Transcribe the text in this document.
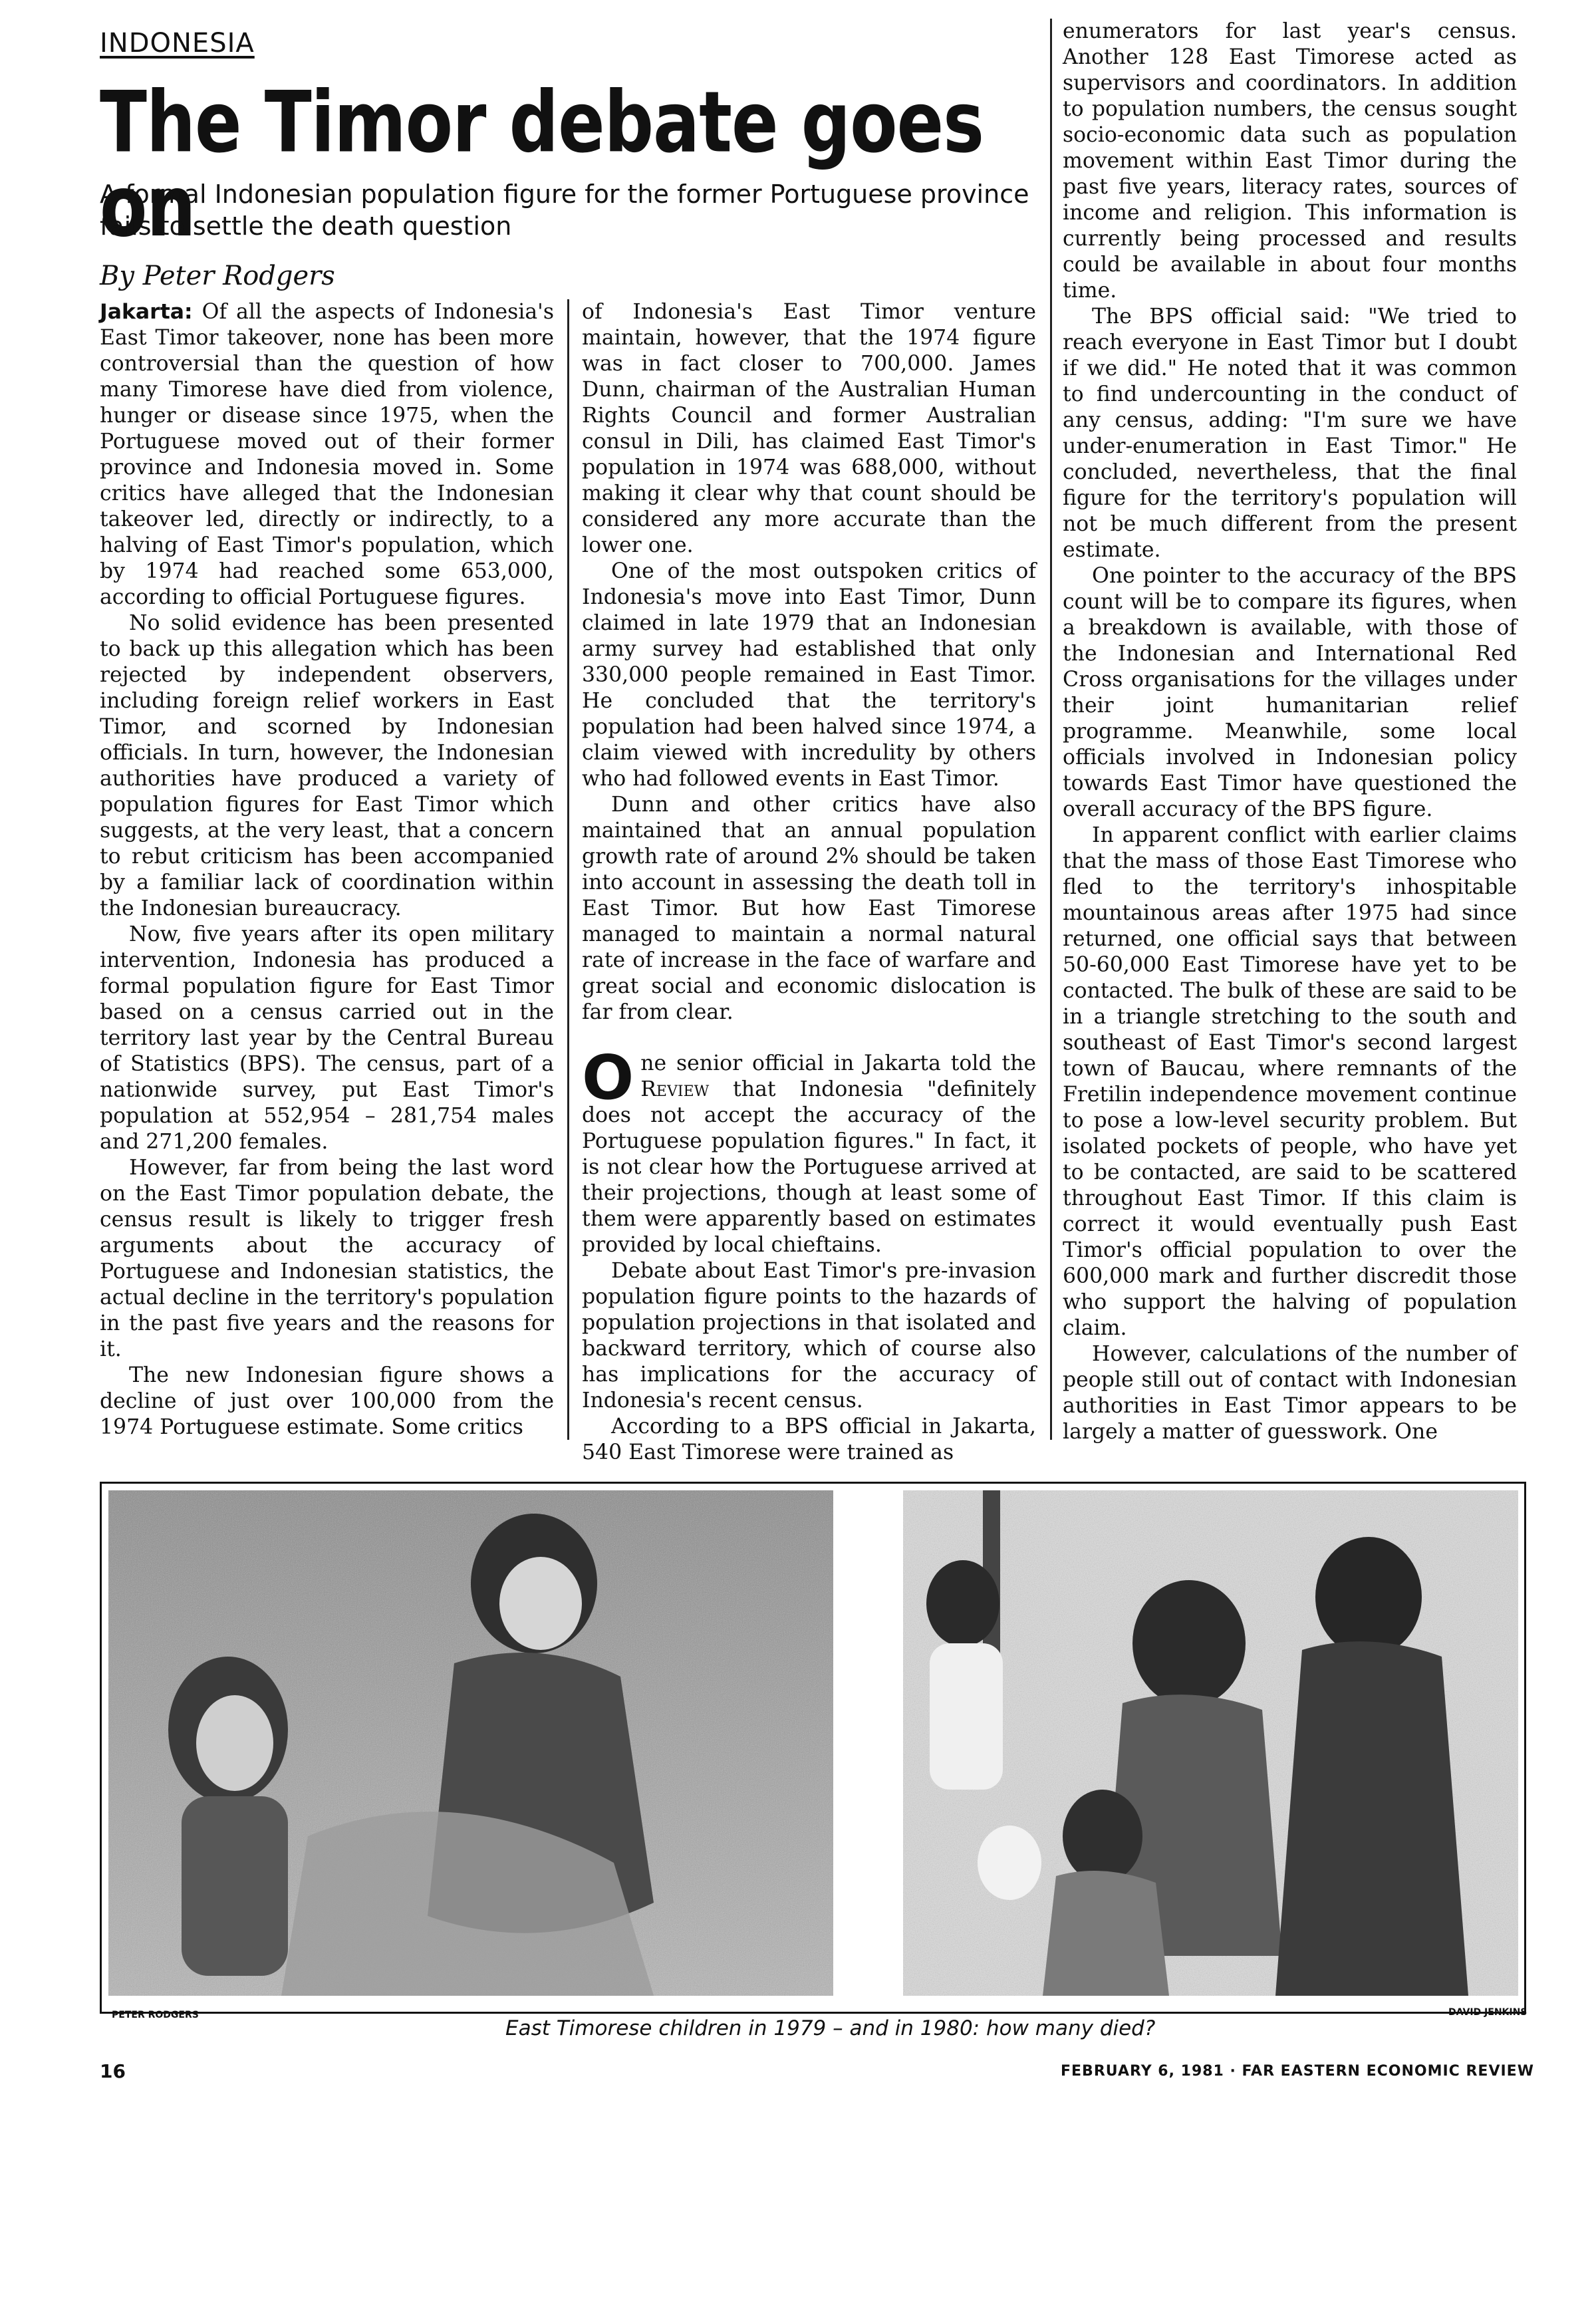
INDONESIA
The Timor debate goes on
A formal Indonesian population figure for the former Portuguese province fails to settle the death question
By Peter Rodgers

Jakarta: Of all the aspects of Indonesia's East Timor takeover, none has been more controversial than the question of how many Timorese have died from violence, hunger or disease since 1975, when the Portuguese moved out of their former province and Indonesia moved in. Some critics have alleged that the Indonesian takeover led, directly or indirectly, to a halving of East Timor's population, which by 1974 had reached some 653,000, according to official Portuguese figures.

No solid evidence has been presented to back up this allegation which has been rejected by independent observers, including foreign relief workers in East Timor, and scorned by Indonesian officials. In turn, however, the Indonesian authorities have produced a variety of population figures for East Timor which suggests, at the very least, that a concern to rebut criticism has been accompanied by a familiar lack of coordination within the Indonesian bureaucracy.

Now, five years after its open military intervention, Indonesia has produced a formal population figure for East Timor based on a census carried out in the territory last year by the Central Bureau of Statistics (BPS). The census, part of a nationwide survey, put East Timor's population at 552,954 – 281,754 males and 271,200 females.

However, far from being the last word on the East Timor population debate, the census result is likely to trigger fresh arguments about the accuracy of Portuguese and Indonesian statistics, the actual decline in the territory's population in the past five years and the reasons for it.

The new Indonesian figure shows a decline of just over 100,000 from the 1974 Portuguese estimate. Some critics

of Indonesia's East Timor venture maintain, however, that the 1974 figure was in fact closer to 700,000. James Dunn, chairman of the Australian Human Rights Council and former Australian consul in Dili, has claimed East Timor's population in 1974 was 688,000, without making it clear why that count should be considered any more accurate than the lower one.

One of the most outspoken critics of Indonesia's move into East Timor, Dunn claimed in late 1979 that an Indonesian army survey had established that only 330,000 people remained in East Timor. He concluded that the territory's population had been halved since 1974, a claim viewed with incredulity by others who had followed events in East Timor.

Dunn and other critics have also maintained that an annual population growth rate of around 2% should be taken into account in assessing the death toll in East Timor. But how East Timorese managed to maintain a normal natural rate of increase in the face of warfare and great social and economic dislocation is far from clear.

One senior official in Jakarta told the Review that Indonesia "definitely does not accept the accuracy of the Portuguese population figures." In fact, it is not clear how the Portuguese arrived at their projections, though at least some of them were apparently based on estimates provided by local chieftains.

Debate about East Timor's pre-invasion population figure points to the hazards of population projections in that isolated and backward territory, which of course also has implications for the accuracy of Indonesia's recent census.

According to a BPS official in Jakarta, 540 East Timorese were trained as

enumerators for last year's census. Another 128 East Timorese acted as supervisors and coordinators. In addition to population numbers, the census sought socio-economic data such as population movement within East Timor during the past five years, literacy rates, sources of income and religion. This information is currently being processed and results could be available in about four months time.

The BPS official said: "We tried to reach everyone in East Timor but I doubt if we did." He noted that it was common to find undercounting in the conduct of any census, adding: "I'm sure we have under-enumeration in East Timor." He concluded, nevertheless, that the final figure for the territory's population will not be much different from the present estimate.

One pointer to the accuracy of the BPS count will be to compare its figures, when a breakdown is available, with those of the Indonesian and International Red Cross organisations for the villages under their joint humanitarian relief programme. Meanwhile, some local officials involved in Indonesian policy towards East Timor have questioned the overall accuracy of the BPS figure.

In apparent conflict with earlier claims that the mass of those East Timorese who fled to the territory's inhospitable mountainous areas after 1975 had since returned, one official says that between 50-60,000 East Timorese have yet to be contacted. The bulk of these are said to be in a triangle stretching to the south and southeast of East Timor's second largest town of Baucau, where remnants of the Fretilin independence movement continue to pose a low-level security problem. But isolated pockets of people, who have yet to be contacted, are said to be scattered throughout East Timor. If this claim is correct it would eventually push East Timor's official population to over the 600,000 mark and further discredit those who support the halving of population claim.

However, calculations of the number of people still out of contact with Indonesian authorities in East Timor appears to be largely a matter of guesswork. One

PETER RODGERS	DAVID JENKINS
East Timorese children in 1979 – and in 1980: how many died?
16	FEBRUARY 6, 1981 · FAR EASTERN ECONOMIC REVIEW
